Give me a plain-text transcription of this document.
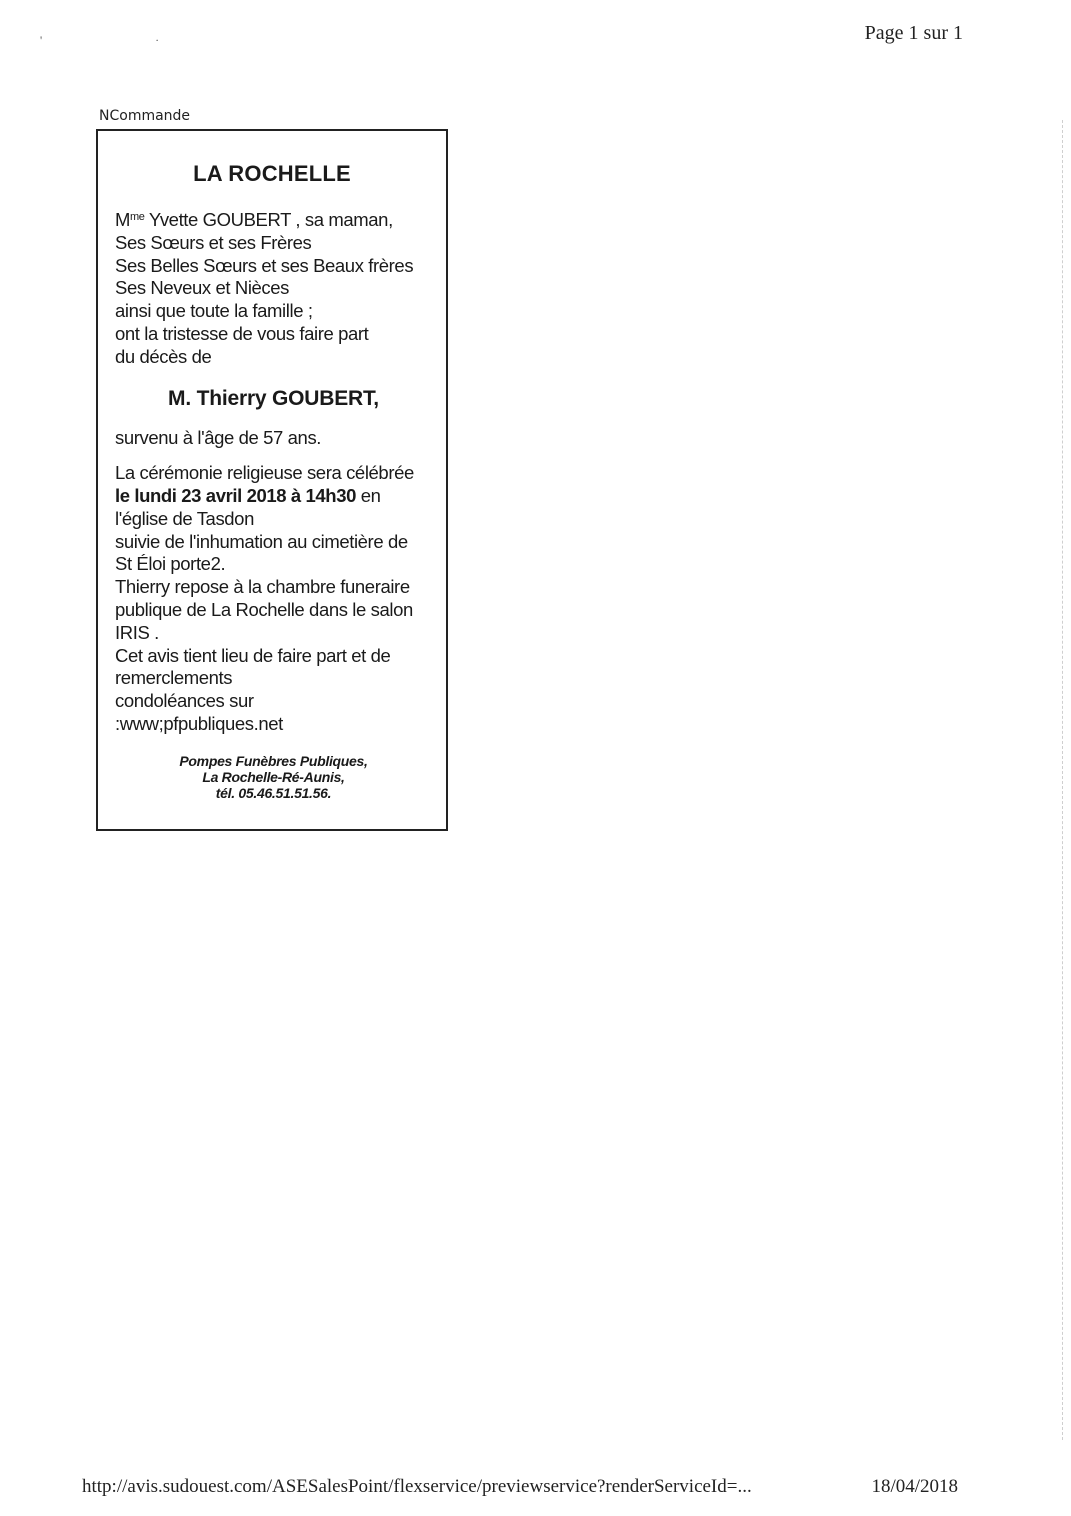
' ·	Page 1 sur 1
NCommande
LA ROCHELLE
$M^{me}$ Yvette GOUBERT , sa maman,
Ses Sœurs et ses Frères
Ses Belles Sœurs et ses Beaux frères
Ses Neveux et Nièces
ainsi que toute la famille ;
ont la tristesse de vous faire part
du décès de
M. Thierry GOUBERT,
survenu à l'âge de 57 ans.
La cérémonie religieuse sera célébrée
le lundi 23 avril 2018 à 14h30 en
l'église de Tasdon
suivie de l'inhumation au cimetière de
St Éloi porte2.
Thierry repose à la chambre funeraire
publique de La Rochelle dans le salon
IRIS .
Cet avis tient lieu de faire part et de
remerclements
condoléances sur
:www;pfpubliques.net
Pompes Funèbres Publiques,
La Rochelle-Ré-Aunis,
tél. 05.46.51.51.56.
http://avis.sudouest.com/ASESalesPoint/flexservice/previewservice?renderServiceId=...	18/04/2018
